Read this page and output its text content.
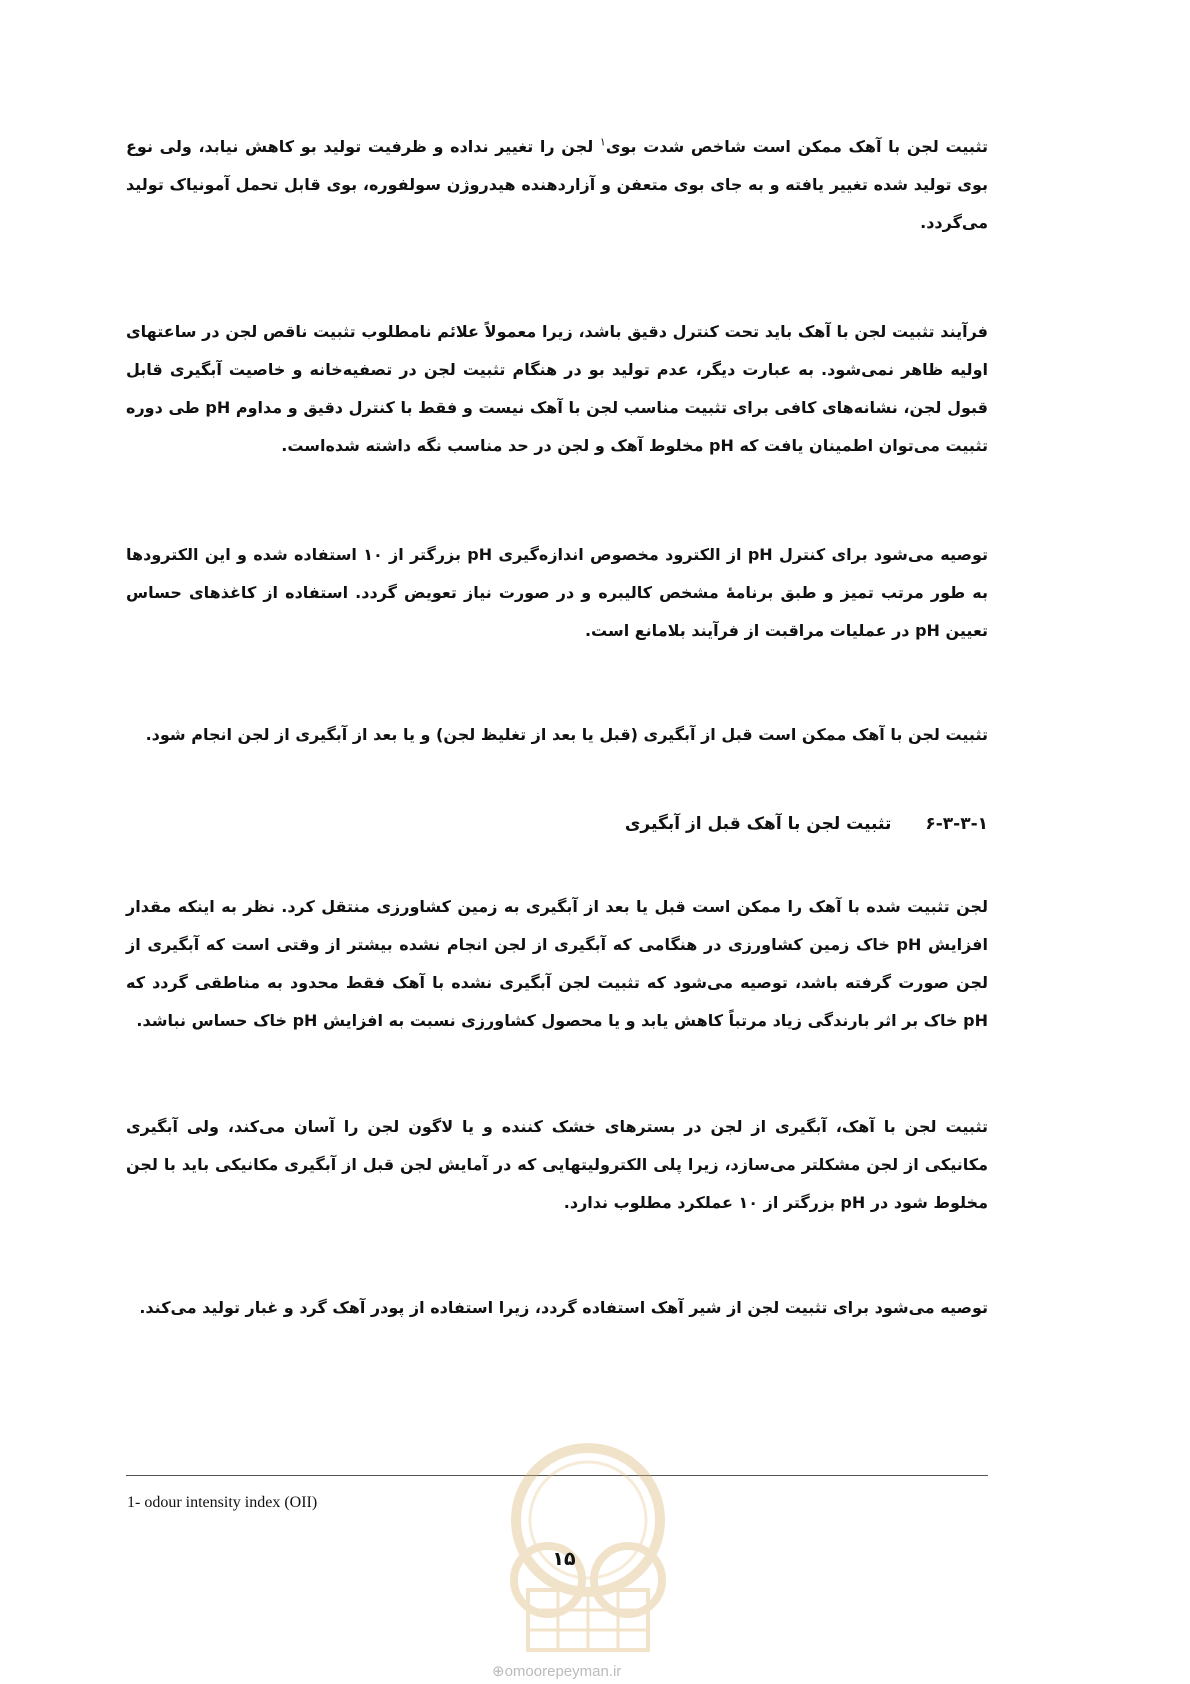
تثبیت لجن با آهک ممکن است شاخص شدت بوی$^۱$ لجن را تغییر نداده و ظرفیت تولید بو کاهش نیابد، ولی نوع بوی تولید شده تغییر یافته و به جای بوی متعفن و آزاردهنده هیدروژن سولفوره، بوی قابل تحمل آمونیاک تولید می‌گردد.

فرآیند تثبیت لجن با آهک باید تحت کنترل دقیق باشد، زیرا معمولاً علائم نامطلوب تثبیت ناقص لجن در ساعتهای اولیه ظاهر نمی‌شود. به عبارت دیگر، عدم تولید بو در هنگام تثبیت لجن در تصفیه‌خانه و خاصیت آبگیری قابل قبول لجن، نشانه‌های کافی برای تثبیت مناسب لجن با آهک نیست و فقط با کنترل دقیق و مداوم pH طی دوره تثبیت می‌توان اطمینان یافت که pH مخلوط آهک و لجن در حد مناسب نگه داشته شده‌است.

توصیه می‌شود برای کنترل pH از الکترود مخصوص اندازه‌گیری pH بزرگتر از ۱۰ استفاده شده و این الکترودها به طور مرتب تمیز و طبق برنامهٔ مشخص کالیبره و در صورت نیاز تعویض گردد. استفاده از کاغذهای حساس تعیین pH در عملیات مراقبت از فرآیند بلامانع است.

تثبیت لجن با آهک ممکن است قبل از آبگیری (قبل یا بعد از تغلیظ لجن) و یا بعد از آبگیری از لجن انجام شود.

۶-۳-۳-۱تثبیت لجن با آهک قبل از آبگیری

لجن تثبیت شده با آهک را ممکن است قبل یا بعد از آبگیری به زمین کشاورزی منتقل کرد. نظر به اینکه مقدار افزایش pH خاک زمین کشاورزی در هنگامی که آبگیری از لجن انجام نشده بیشتر از وقتی است که آبگیری از لجن صورت گرفته باشد، توصیه می‌شود که تثبیت لجن آبگیری نشده با آهک فقط محدود به مناطقی گردد که pH خاک بر اثر بارندگی زیاد مرتباً کاهش یابد و یا محصول کشاورزی نسبت به افزایش pH خاک حساس نباشد.

تثبیت لجن با آهک، آبگیری از لجن در بسترهای خشک کننده و یا لاگون لجن را آسان می‌کند، ولی آبگیری مکانیکی از لجن مشکلتر می‌سازد، زیرا پلی الکترولیتهایی که در آمایش لجن قبل از آبگیری مکانیکی باید با لجن مخلوط شود در pH بزرگتر از ۱۰ عملکرد مطلوب ندارد.

توصیه می‌شود برای تثبیت لجن از شیر آهک استفاده گردد، زیرا استفاده از پودر آهک گرد و غبار تولید می‌کند.

1- odour intensity index (OII)
۱۵
⊕omoorepeyman.ir
